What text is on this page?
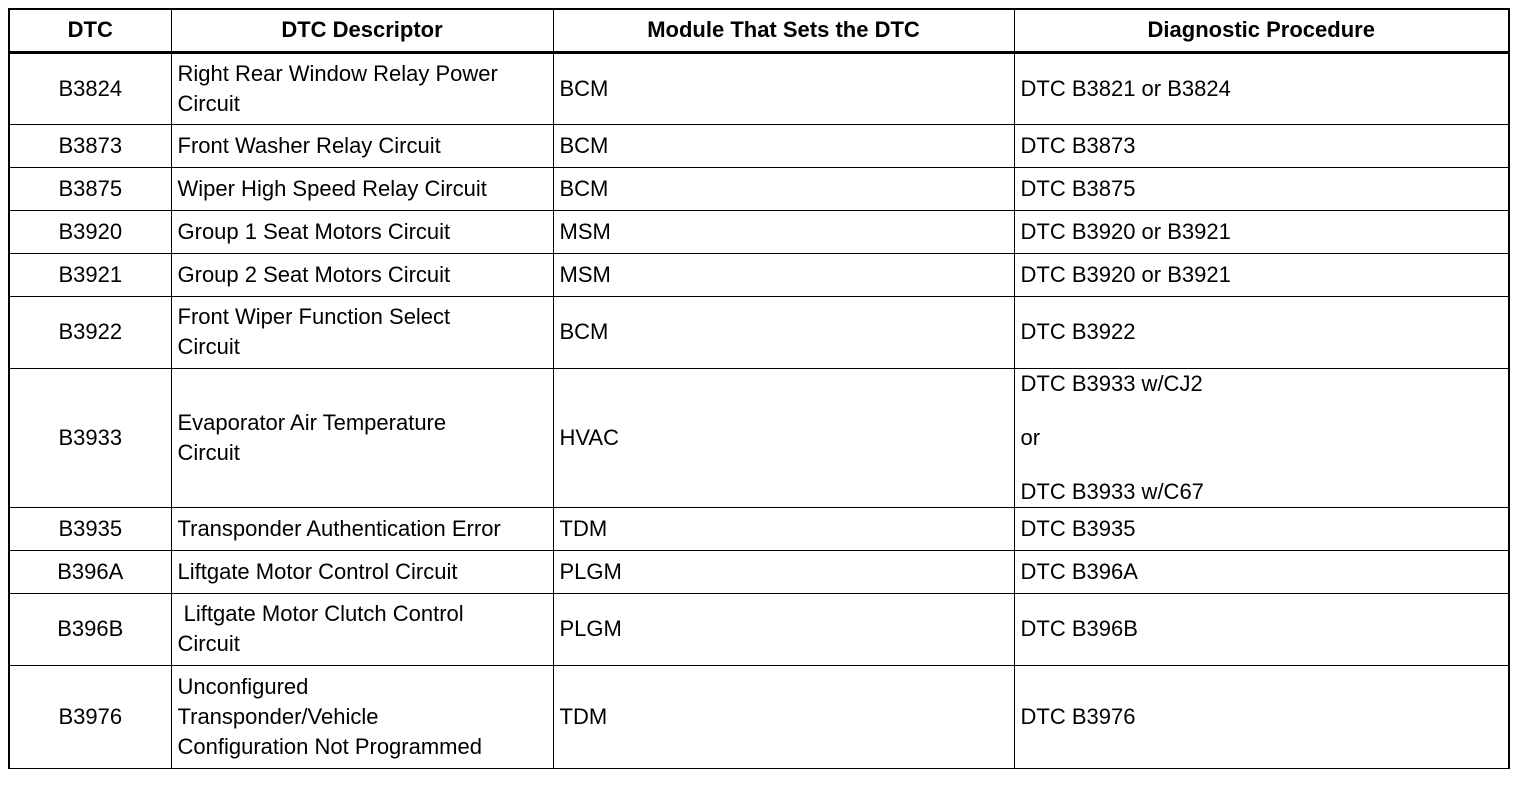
DTC	DTC Descriptor	Module That Sets the DTC	Diagnostic Procedure
B3824	Right Rear Window Relay Power
Circuit	BCM	DTC B3821 or B3824

B3873	Front Washer Relay Circuit	BCM	DTC B3873

B3875	Wiper High Speed Relay Circuit	BCM	DTC B3875

B3920	Group 1 Seat Motors Circuit	MSM	DTC B3920 or B3921

B3921	Group 2 Seat Motors Circuit	MSM	DTC B3920 or B3921

B3922	Front Wiper Function Select
Circuit	BCM	DTC B3922

B3933	Evaporator Air Temperature
Circuit	HVAC	DTC B3933 w/CJ2
or
DTC B3933 w/C67

B3935	Transponder Authentication Error	TDM	DTC B3935

B396A	Liftgate Motor Control Circuit	PLGM	DTC B396A

B396B	Liftgate Motor Clutch Control
Circuit	PLGM	DTC B396B

B3976	Unconfigured
Transponder/Vehicle
Configuration Not Programmed	TDM	DTC B3976
